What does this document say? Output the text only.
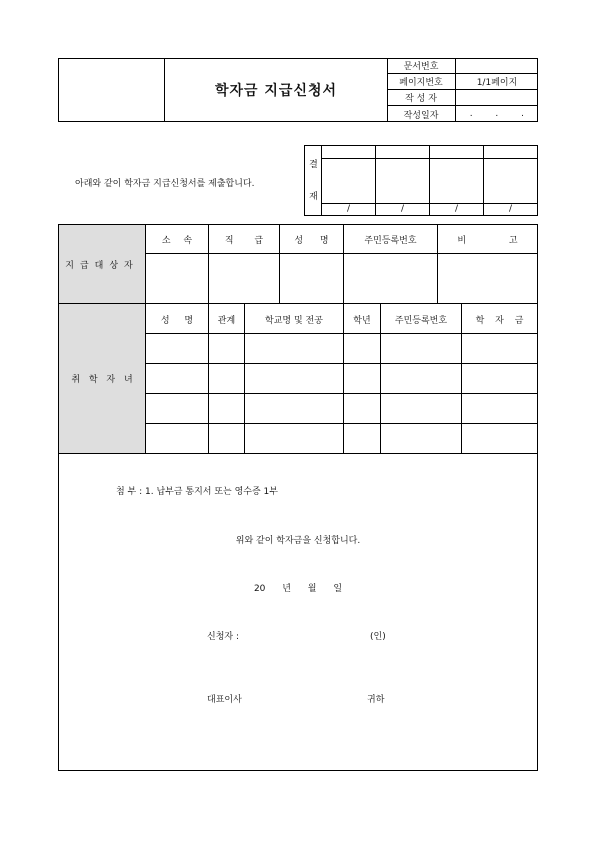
학자금 지급신청서
문서번호
페이지번호	1/1페이지
작 성 자
작성일자	. . .
아래와 같이 학자금 지급신청서를 제출합니다.
결
재
/	/	/	/
지급대상자
소 속	직 급	성 명	주민등록번호	비 고
취 학 자 녀
성 명	관계	학교명 및 전공	학년	주민등록번호	학 자 금
첨 부 : 1. 납부금 통지서 또는 영수증 1부
위와 같이 학자금을 신청합니다.
20 년 월 일
신청자 :	(인)
대표이사	귀하
